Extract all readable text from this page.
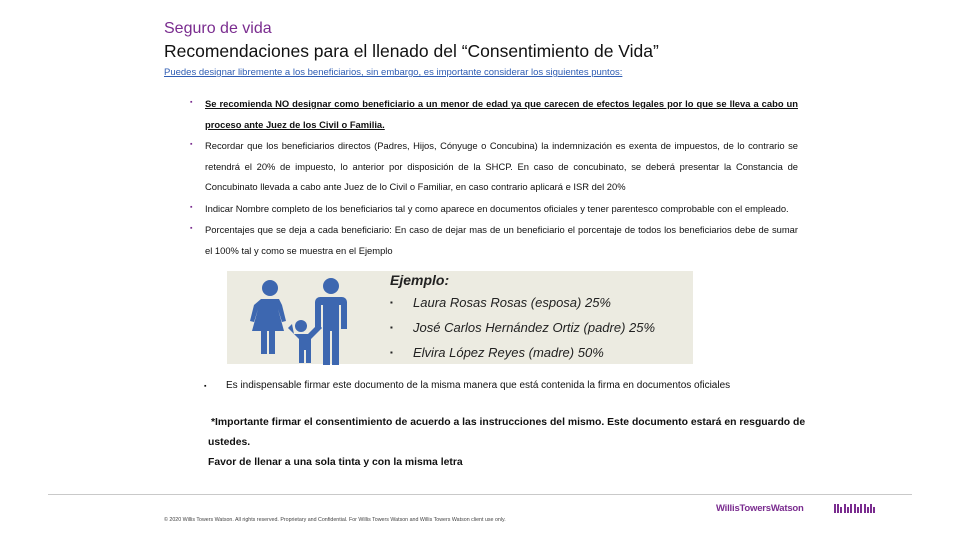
Seguro de vida
Recomendaciones para el llenado del “Consentimiento de Vida”
Puedes designar libremente a los beneficiarios, sin embargo, es importante considerar los siguientes puntos:
▪ Se recomienda NO designar como beneficiario a un menor de edad ya que carecen de efectos legales por lo que se lleva a cabo un proceso ante Juez de los Civil o Familia.
▪ Recordar que los beneficiarios directos (Padres, Hijos, Cónyuge o Concubina) la indemnización es exenta de impuestos, de lo contrario se retendrá el 20% de impuesto, lo anterior por disposición de la SHCP. En caso de concubinato, se deberá presentar la Constancia de Concubinato llevada a cabo ante Juez de lo Civil o Familiar, en caso contrario aplicará e ISR del 20%
▪ Indicar Nombre completo de los beneficiarios tal y como aparece en documentos oficiales y tener parentesco comprobable con el empleado.
▪ Porcentajes que se deja a cada beneficiario: En caso de dejar mas de un beneficiario el porcentaje de todos los beneficiarios debe de sumar el 100% tal y como se muestra en el Ejemplo
Ejemplo:
▪ Laura Rosas Rosas (esposa) 25%
▪ José Carlos Hernández Ortiz (padre) 25%
▪ Elvira López Reyes (madre) 50%
▪ Es indispensable firmar este documento de la misma manera que está contenida la firma en documentos oficiales

*Importante firmar el consentimiento de acuerdo a las instrucciones del mismo. Este documento estará en resguardo de ustedes.

Favor de llenar a una sola tinta y con la misma letra

© 2020 Willis Towers Watson. All rights reserved. Proprietary and Confidential. For Willis Towers Watson and Willis Towers Watson client use only.
WillisTowersWatson
